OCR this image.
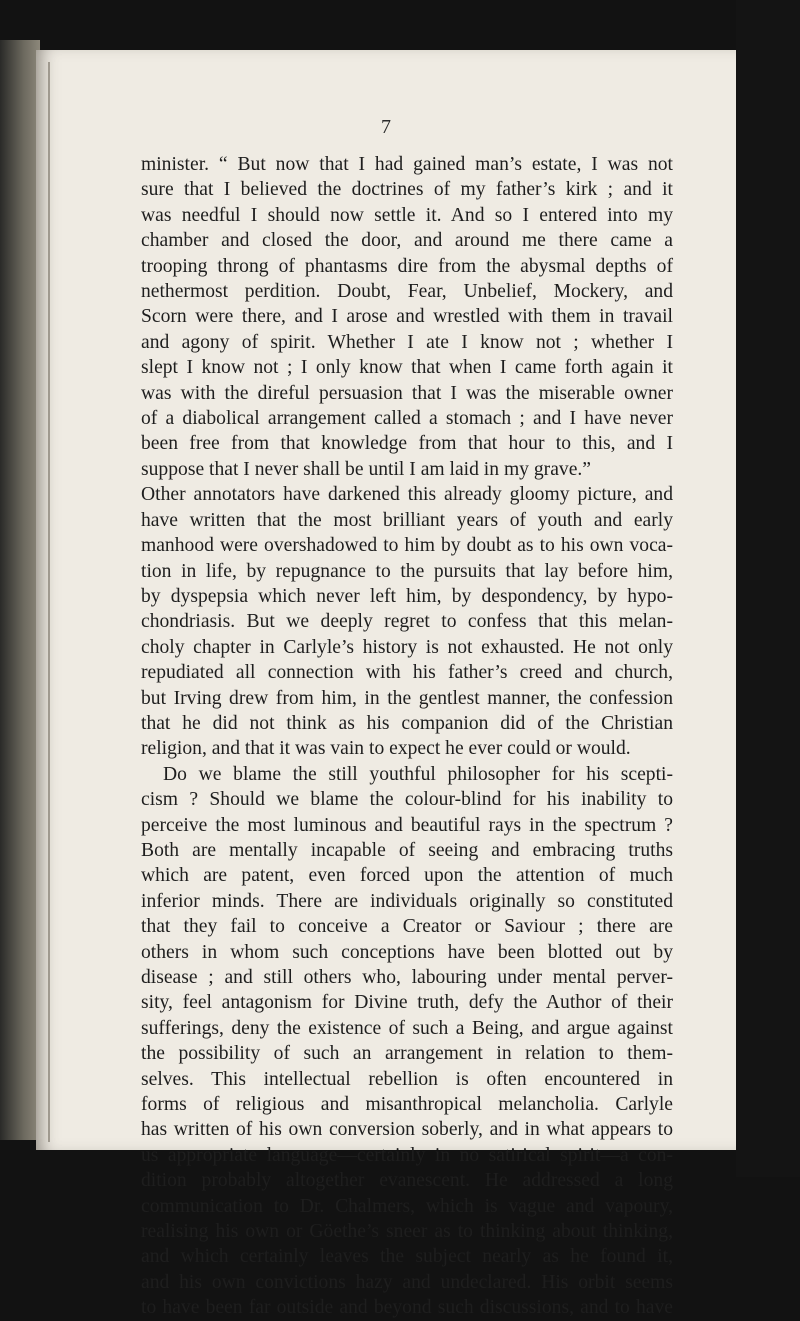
7
minister. “ But now that I had gained man’s estate, I was not
sure that I believed the doctrines of my father’s kirk ; and it
was needful I should now settle it. And so I entered into my
chamber and closed the door, and around me there came a
trooping throng of phantasms dire from the abysmal depths of
nethermost perdition. Doubt, Fear, Unbelief, Mockery, and
Scorn were there, and I arose and wrestled with them in travail
and agony of spirit. Whether I ate I know not ; whether I
slept I know not ; I only know that when I came forth again it
was with the direful persuasion that I was the miserable owner
of a diabolical arrangement called a stomach ; and I have never
been free from that knowledge from that hour to this, and I
suppose that I never shall be until I am laid in my grave.”
Other annotators have darkened this already gloomy picture, and
have written that the most brilliant years of youth and early
manhood were overshadowed to him by doubt as to his own voca-
tion in life, by repugnance to the pursuits that lay before him,
by dyspepsia which never left him, by despondency, by hypo-
chondriasis. But we deeply regret to confess that this melan-
choly chapter in Carlyle’s history is not exhausted. He not only
repudiated all connection with his father’s creed and church,
but Irving drew from him, in the gentlest manner, the confession
that he did not think as his companion did of the Christian
religion, and that it was vain to expect he ever could or would.
Do we blame the still youthful philosopher for his scepti-
cism ? Should we blame the colour-blind for his inability to
perceive the most luminous and beautiful rays in the spectrum ?
Both are mentally incapable of seeing and embracing truths
which are patent, even forced upon the attention of much
inferior minds. There are individuals originally so constituted
that they fail to conceive a Creator or Saviour ; there are
others in whom such conceptions have been blotted out by
disease ; and still others who, labouring under mental perver-
sity, feel antagonism for Divine truth, defy the Author of their
sufferings, deny the existence of such a Being, and argue against
the possibility of such an arrangement in relation to them-
selves. This intellectual rebellion is often encountered in
forms of religious and misanthropical melancholia. Carlyle
has written of his own conversion soberly, and in what appears to
us appropriate language—certainly in no satirical spirit—a con-
dition probably altogether evanescent. He addressed a long
communication to Dr. Chalmers, which is vague and vapoury,
realising his own or Göethe’s sneer as to thinking about thinking,
and which certainly leaves the subject nearly as he found it,
and his own convictions hazy and undeclared. His orbit seems
to have been far outside and beyond such discussions, and to have
